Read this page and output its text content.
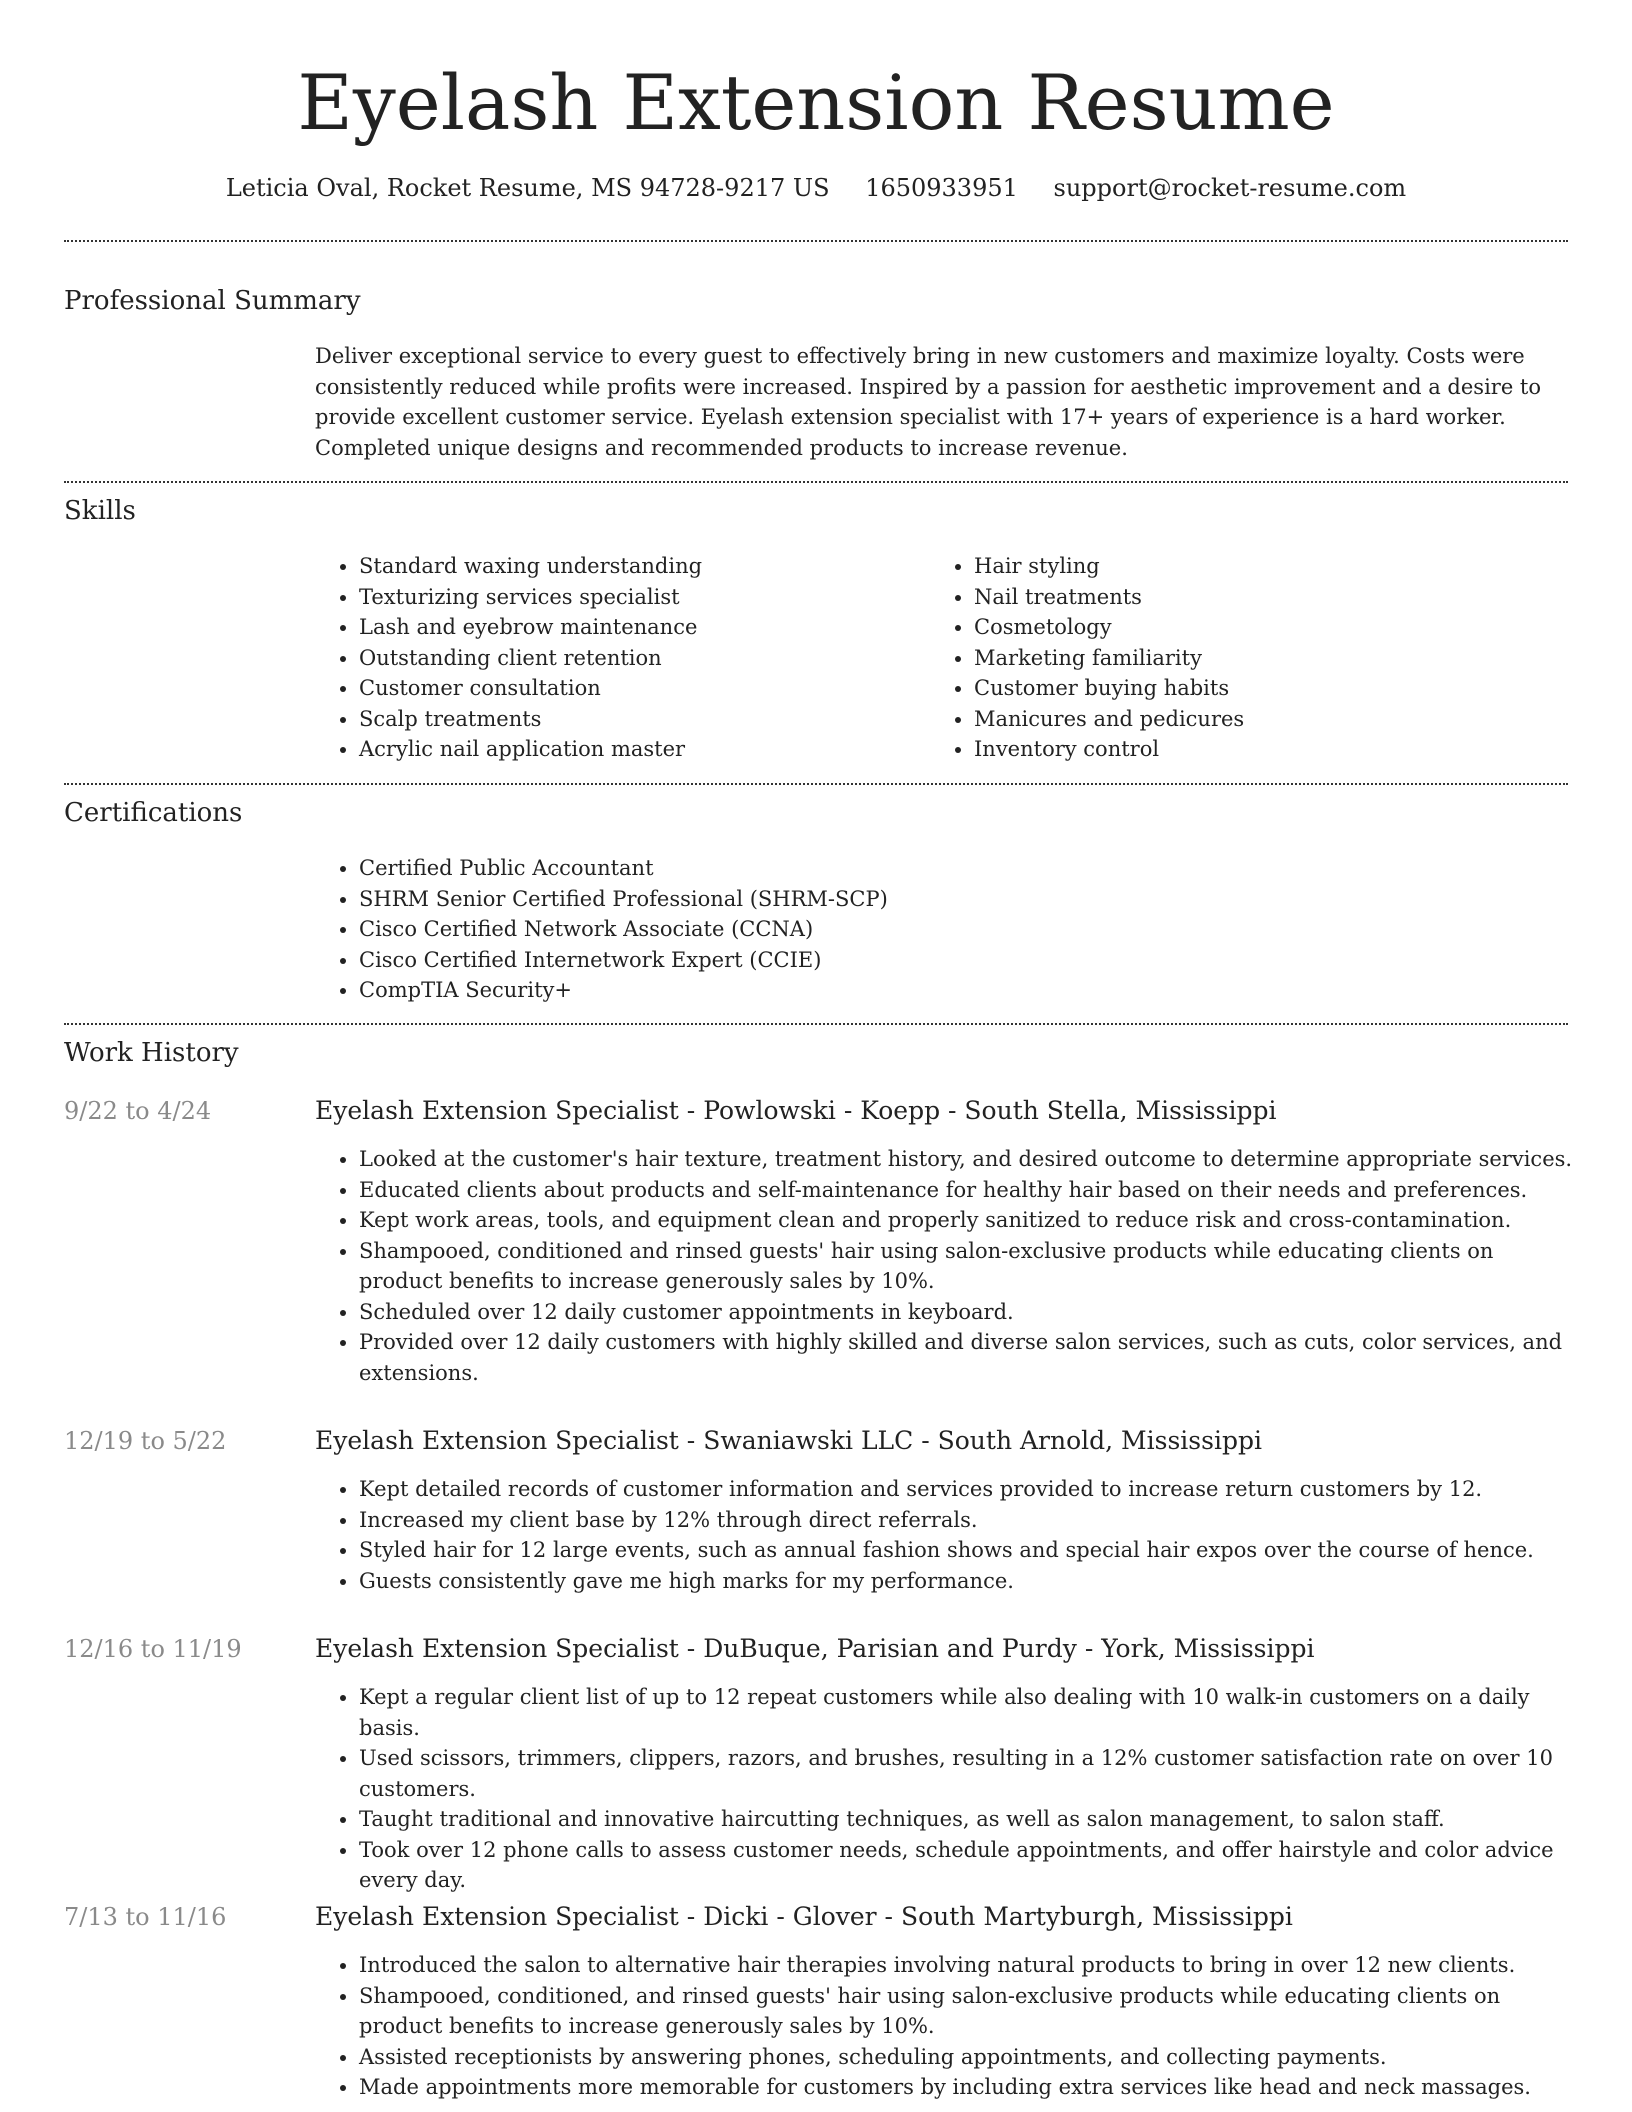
Eyelash Extension Resume
Leticia Oval, Rocket Resume, MS 94728-9217 US 1650933951 support@rocket-resume.com
Professional Summary
Deliver exceptional service to every guest to effectively bring in new customers and maximize loyalty. Costs were consistently reduced while profits were increased. Inspired by a passion for aesthetic improvement and a desire to provide excellent customer service. Eyelash extension specialist with 17+ years of experience is a hard worker. Completed unique designs and recommended products to increase revenue.
Skills
• Standard waxing understanding
• Texturizing services specialist
• Lash and eyebrow maintenance
• Outstanding client retention
• Customer consultation
• Scalp treatments
• Acrylic nail application master
• Hair styling
• Nail treatments
• Cosmetology
• Marketing familiarity
• Customer buying habits
• Manicures and pedicures
• Inventory control
Certifications
• Certified Public Accountant
• SHRM Senior Certified Professional (SHRM-SCP)
• Cisco Certified Network Associate (CCNA)
• Cisco Certified Internetwork Expert (CCIE)
• CompTIA Security+
Work History
9/22 to 4/24	Eyelash Extension Specialist - Powlowski - Koepp - South Stella, Mississippi
• Looked at the customer's hair texture, treatment history, and desired outcome to determine appropriate services.
• Educated clients about products and self-maintenance for healthy hair based on their needs and preferences.
• Kept work areas, tools, and equipment clean and properly sanitized to reduce risk and cross-contamination.
• Shampooed, conditioned and rinsed guests' hair using salon-exclusive products while educating clients on product benefits to increase generously sales by 10%.
• Scheduled over 12 daily customer appointments in keyboard.
• Provided over 12 daily customers with highly skilled and diverse salon services, such as cuts, color services, and extensions.
12/19 to 5/22	Eyelash Extension Specialist - Swaniawski LLC - South Arnold, Mississippi
• Kept detailed records of customer information and services provided to increase return customers by 12.
• Increased my client base by 12% through direct referrals.
• Styled hair for 12 large events, such as annual fashion shows and special hair expos over the course of hence.
• Guests consistently gave me high marks for my performance.
12/16 to 11/19	Eyelash Extension Specialist - DuBuque, Parisian and Purdy - York, Mississippi
• Kept a regular client list of up to 12 repeat customers while also dealing with 10 walk-in customers on a daily basis.
• Used scissors, trimmers, clippers, razors, and brushes, resulting in a 12% customer satisfaction rate on over 10 customers.
• Taught traditional and innovative haircutting techniques, as well as salon management, to salon staff.
• Took over 12 phone calls to assess customer needs, schedule appointments, and offer hairstyle and color advice every day.
7/13 to 11/16	Eyelash Extension Specialist - Dicki - Glover - South Martyburgh, Mississippi
• Introduced the salon to alternative hair therapies involving natural products to bring in over 12 new clients.
• Shampooed, conditioned, and rinsed guests' hair using salon-exclusive products while educating clients on product benefits to increase generously sales by 10%.
• Assisted receptionists by answering phones, scheduling appointments, and collecting payments.
• Made appointments more memorable for customers by including extra services like head and neck massages.
